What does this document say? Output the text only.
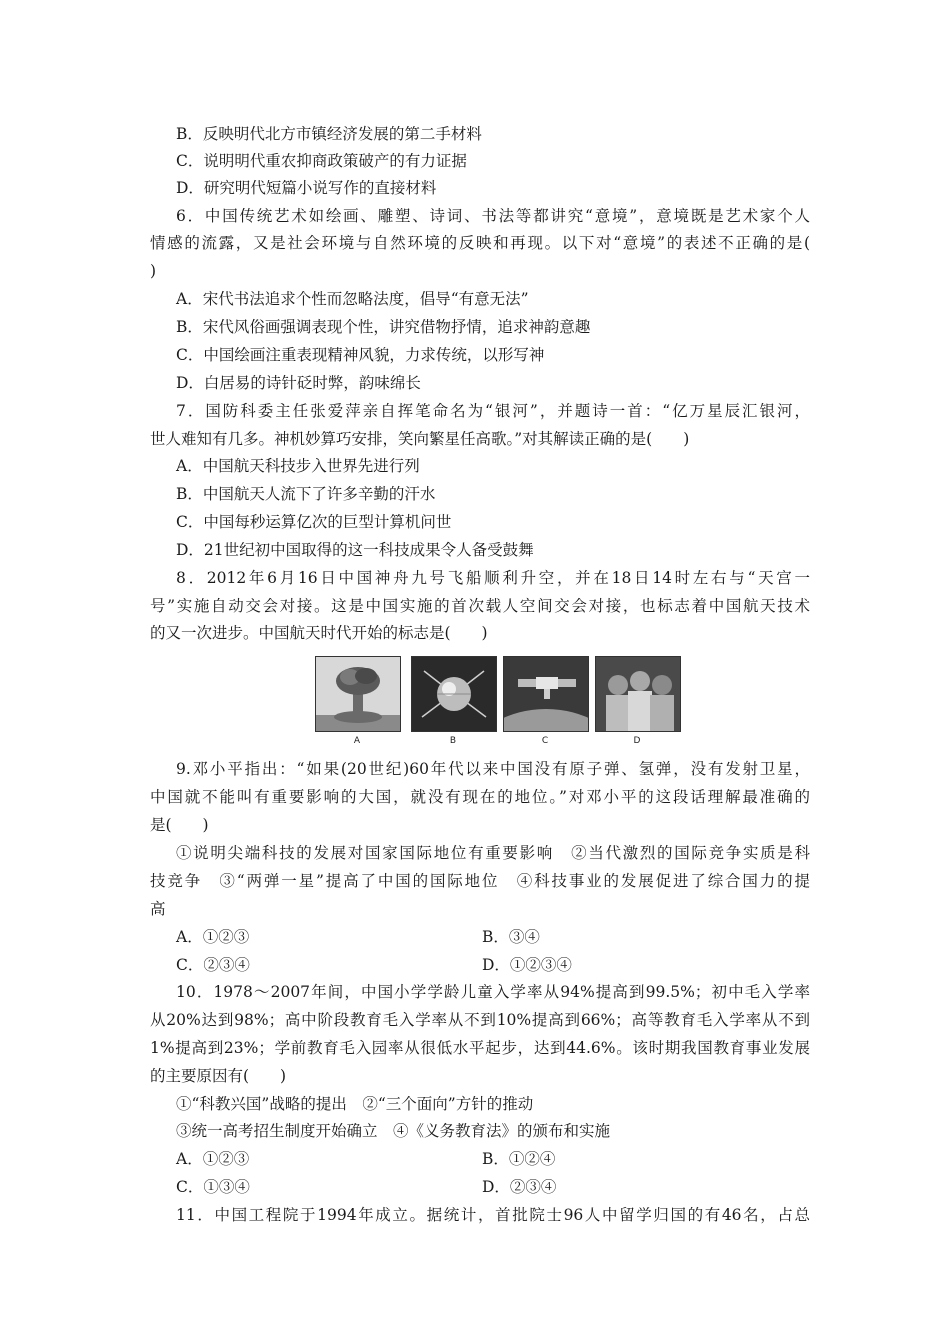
B．反映明代北方市镇经济发展的第二手材料
C．说明明代重农抑商政策破产的有力证据
D．研究明代短篇小说写作的直接材料
6．中国传统艺术如绘画、雕塑、诗词、书法等都讲究“意境”，意境既是艺术家个人
情感的流露，又是社会环境与自然环境的反映和再现。以下对“意境”的表述不正确的是(
)
A．宋代书法追求个性而忽略法度，倡导“有意无法”
B．宋代风俗画强调表现个性，讲究借物抒情，追求神韵意趣
C．中国绘画注重表现精神风貌，力求传统，以形写神
D．白居易的诗针砭时弊，韵味绵长
7．国防科委主任张爱萍亲自挥笔命名为“银河”，并题诗一首：“亿万星辰汇银河，
世人难知有几多。神机妙算巧安排，笑向繁星任高歌。”对其解读正确的是(　　)
A．中国航天科技步入世界先进行列
B．中国航天人流下了许多辛勤的汗水
C．中国每秒运算亿次的巨型计算机问世
D．21世纪初中国取得的这一科技成果令人备受鼓舞
8．2012年6月16日中国神舟九号飞船顺利升空，并在18日14时左右与“天宫一
号”实施自动交会对接。这是中国实施的首次载人空间交会对接，也标志着中国航天技术
的又一次进步。中国航天时代开始的标志是(　　)
9.邓小平指出：“如果(20世纪)60年代以来中国没有原子弹、氢弹，没有发射卫星，
中国就不能叫有重要影响的大国，就没有现在的地位。”对邓小平的这段话理解最准确的
是(　　)
①说明尖端科技的发展对国家国际地位有重要影响　②当代激烈的国际竞争实质是科
技竞争　③“两弹一星”提高了中国的国际地位　④科技事业的发展促进了综合国力的提
高
A．①②③	B．③④
C．②③④	D．①②③④
10．1978～2007年间，中国小学学龄儿童入学率从94%提高到99.5%；初中毛入学率
从20%达到98%；高中阶段教育毛入学率从不到10%提高到66%；高等教育毛入学率从不到
1%提高到23%；学前教育毛入园率从很低水平起步，达到44.6%。该时期我国教育事业发展
的主要原因有(　　)
①“科教兴国”战略的提出　②“三个面向”方针的推动
③统一高考招生制度开始确立　④《义务教育法》的颁布和实施
A．①②③	B．①②④
C．①③④	D．②③④
11．中国工程院于1994年成立。据统计，首批院士96人中留学归国的有46名，占总
A	B	C	D
